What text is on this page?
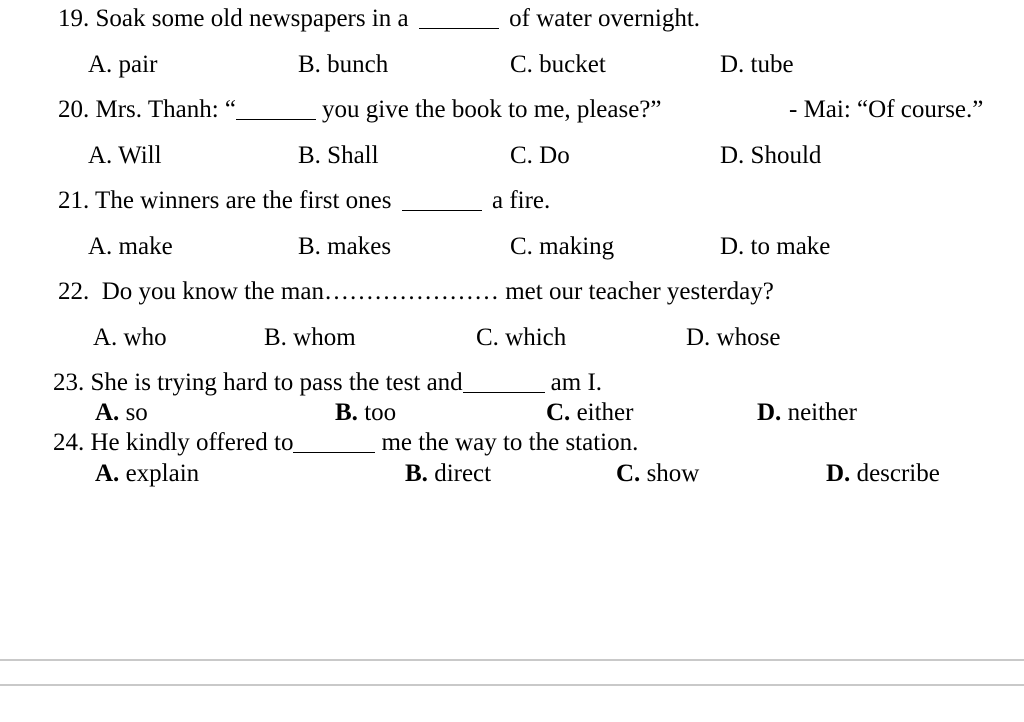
19. Soak some old newspapers in a	of water overnight.
A. pair	B. bunch	C. bucket	D. tube
20. Mrs. Thanh: “	you give the book to me, please?”	- Mai: “Of course.”
A. Will	B. Shall	C. Do	D. Should
21. The winners are the first ones	a fire.
A. make	B. makes	C. making	D. to make
22.  Do you know the man………………… met our teacher yesterday?
A. who	B. whom	C. which	D. whose
23. She is trying hard to pass the test and	am I.
A. so	B. too	C. either	D. neither
24. He kindly offered to	me the way to the station.
A. explain	B. direct	C. show	D. describe
